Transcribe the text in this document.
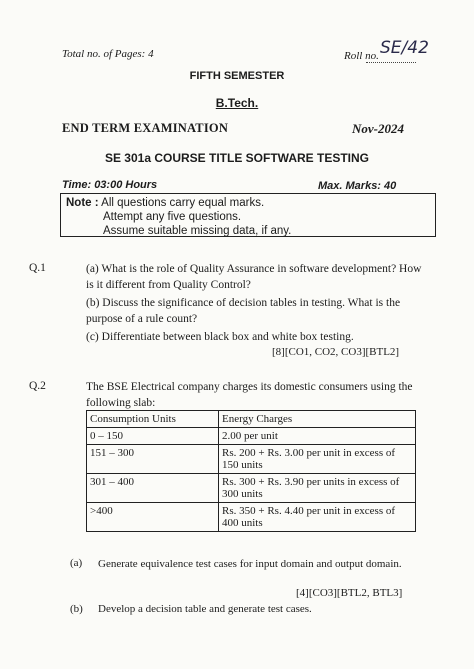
Total no. of Pages: 4	Roll no. SE/42
FIFTH SEMESTER
B.Tech.
END TERM EXAMINATION	Nov-2024
SE 301a COURSE TITLE SOFTWARE TESTING
Time: 03:00 Hours	Max. Marks: 40
Note : All questions carry equal marks.
Attempt any five questions.
Assume suitable missing data, if any.
Q.1	(a) What is the role of Quality Assurance in software development? How is it different from Quality Control?

(b) Discuss the significance of decision tables in testing. What is the purpose of a rule count?

(c) Differentiate between black box and white box testing.

[8][CO1, CO2, CO3][BTL2]
Q.2	The BSE Electrical company charges its domestic consumers using the following slab:
Consumption Units	Energy Charges
0 – 150	2.00 per unit
151 – 300	Rs. 200 + Rs. 3.00 per unit in excess of 150 units
301 – 400	Rs. 300 + Rs. 3.90 per units in excess of 300 units
>400	Rs. 350 + Rs. 4.40 per unit in excess of 400 units
(a) Generate equivalence test cases for input domain and output domain.
[4][CO3][BTL2, BTL3]
(b) Develop a decision table and generate test cases.
